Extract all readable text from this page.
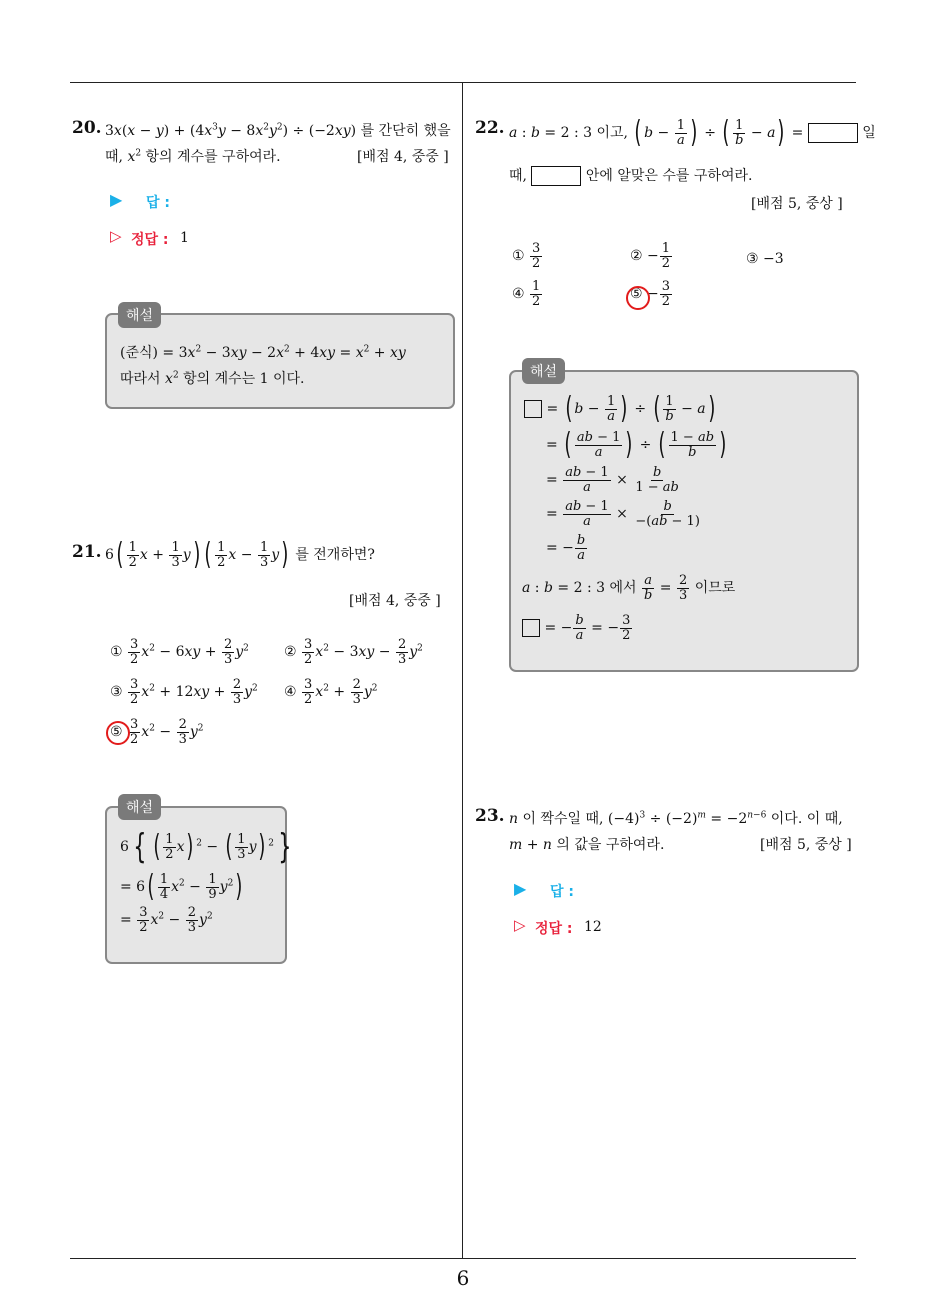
6
20. $3x(x - y) + (4x^3y - 8x^2y^2) \div (-2xy)$ 를 간단히 했을
때, $x^2$ 항의 계수를 구하여라.	[배점 4, 중중 ]
▶ 답 :
▷ 정답 : 1
해설
(준식) = $3x^2 - 3xy - 2x^2 + 4xy = x^2$ + xy
따라서 $x^2$ 항의 계수는 1 이다.
21. $6( \frac{1}{2}$ $x + \frac{1}{3} y$) ( $\frac{1}{2}$ $x - \frac{1}{3} y$) 를 전개하면?
[배점 4, 중중 ]
① $\frac{3}{2} x^2 - 6xy + \frac{2}{3} y^2$	② $\frac{3}{2} x^2 - 3xy - \frac{2}{3} y^2$
③ $\frac{3}{2} x^2 + 12xy + \frac{2}{3} y^2$ ④ $\frac{3}{2} x^2 + \frac{2}{3} y^2$
⑤ $\frac{3}{2} x^2 - \frac{2}{3} y^2$
해설
6 { ( $\frac{1}{2} x$) $^2$ − ( $\frac{1}{3} y$) $^2$ }
= $6( \frac{1}{4} x^2 - \frac{1}{9} y^2)$
= $\frac{3}{2} x^2 - \frac{2}{3} y^2$
22. a : b = 2 : 3 이고, ( $b - \frac{1}{a}$ ) ÷ ( $\frac{1}{b} - a$) =	일
때,	안에 알맞은 수를 구하여라.
[배점 5, 중상 ]
① $\frac{3}{2}$	② − $\frac{1}{2}$	③ −3
④ $\frac{1}{2}$	⑤ − $\frac{3}{2}$
해설
= ( $b - \frac{1}{a}$ ) ÷ ( $\frac{1}{b} - a$)
= ( $\frac{ab - 1}{a}$ ) ÷ ( $\frac{1 - ab}{b}$ )
= $\frac{ab - 1}{a} \times \frac{b}{1 - ab}$
= $\frac{ab - 1}{a} \times \frac{b}{-(ab - 1)}$
= − $\frac{b}{a}$
a : b = 2 : 3 에서 $\frac{a}{b} = \frac{2}{3}$ 이므로
= − $\frac{b}{a}$ = − $\frac{3}{2}$
23. n 이 짝수일 때, $(-4)^3 \div (-2)^m = -2^{n-6}$ 이다. 이 때,
m + n 의 값을 구하여라.	[배점 5, 중상 ]
▶ 답 :
▷ 정답 : 12
